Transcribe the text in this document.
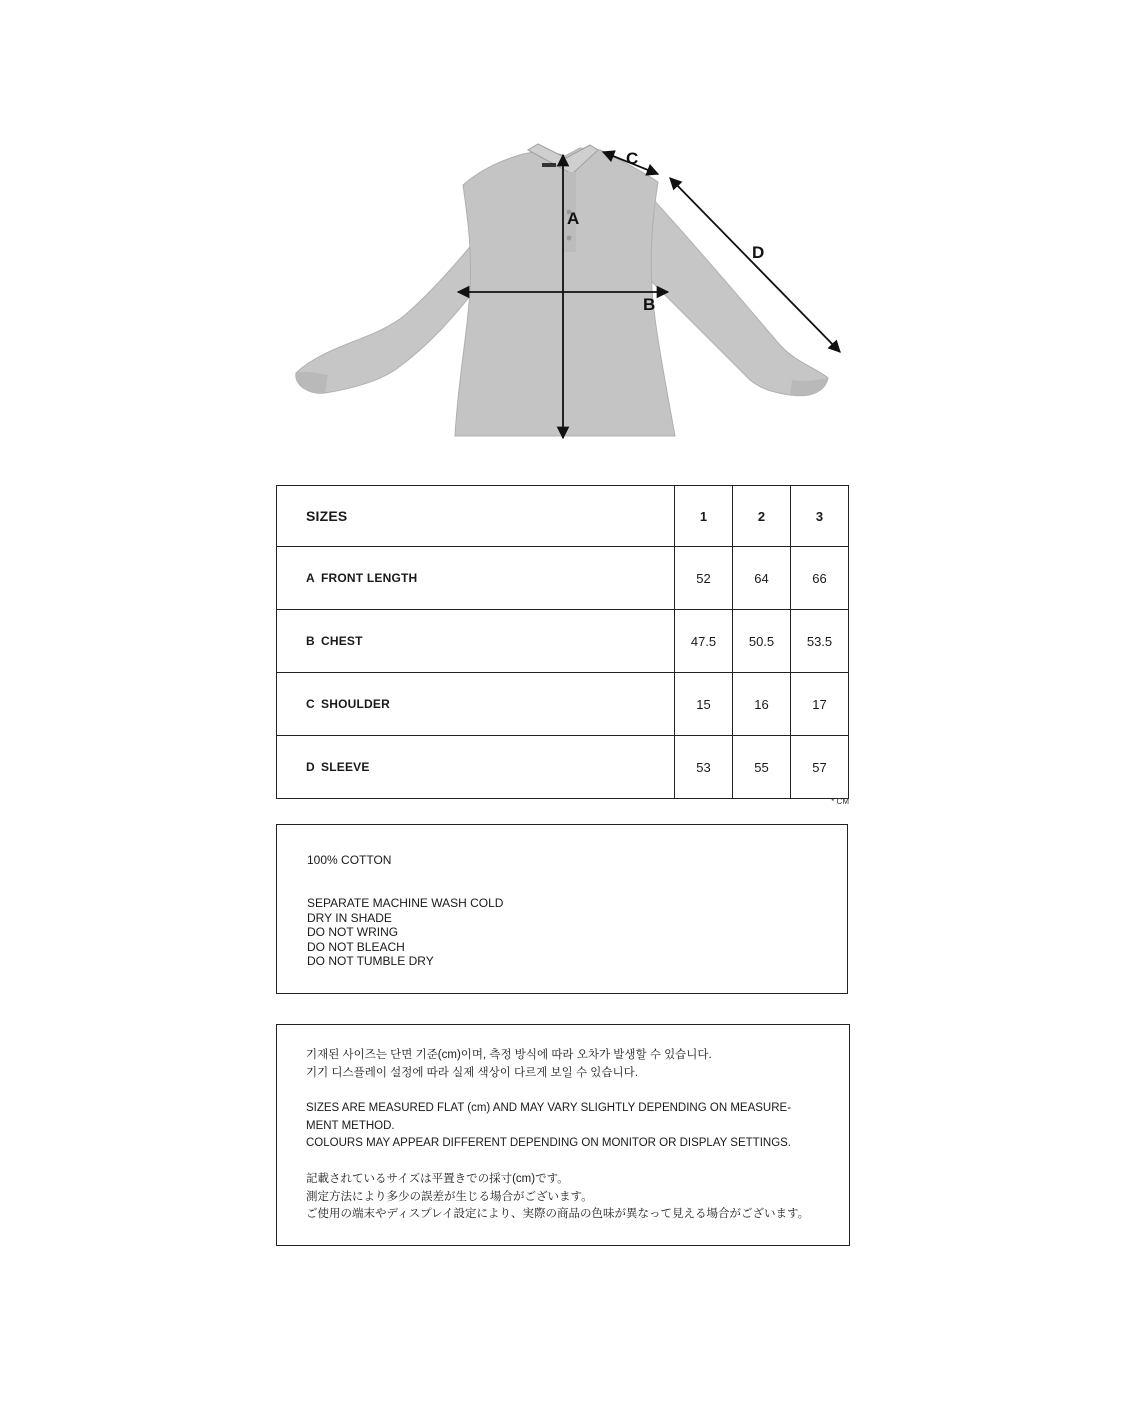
A
B
C
D
SIZES	1	2	3
A FRONT LENGTH	52	64	66
B CHEST	47.5	50.5	53.5
C SHOULDER	15	16	17
D SLEEVE	53	55	57
* CM
100% COTTON
SEPARATE MACHINE WASH COLD
DRY IN SHADE
DO NOT WRING
DO NOT BLEACH
DO NOT TUMBLE DRY
기재된 사이즈는 단면 기준(cm)이며, 측정 방식에 따라 오차가 발생할 수 있습니다.
기기 디스플레이 설정에 따라 실제 색상이 다르게 보일 수 있습니다.
SIZES ARE MEASURED FLAT (cm) AND MAY VARY SLIGHTLY DEPENDING ON MEASURE-
MENT METHOD.
COLOURS MAY APPEAR DIFFERENT DEPENDING ON MONITOR OR DISPLAY SETTINGS.
記載されているサイズは平置きでの採寸(cm)です。
測定方法により多少の誤差が生じる場合がございます。
ご使用の端末やディスプレイ設定により、実際の商品の色味が異なって見える場合がございます。
